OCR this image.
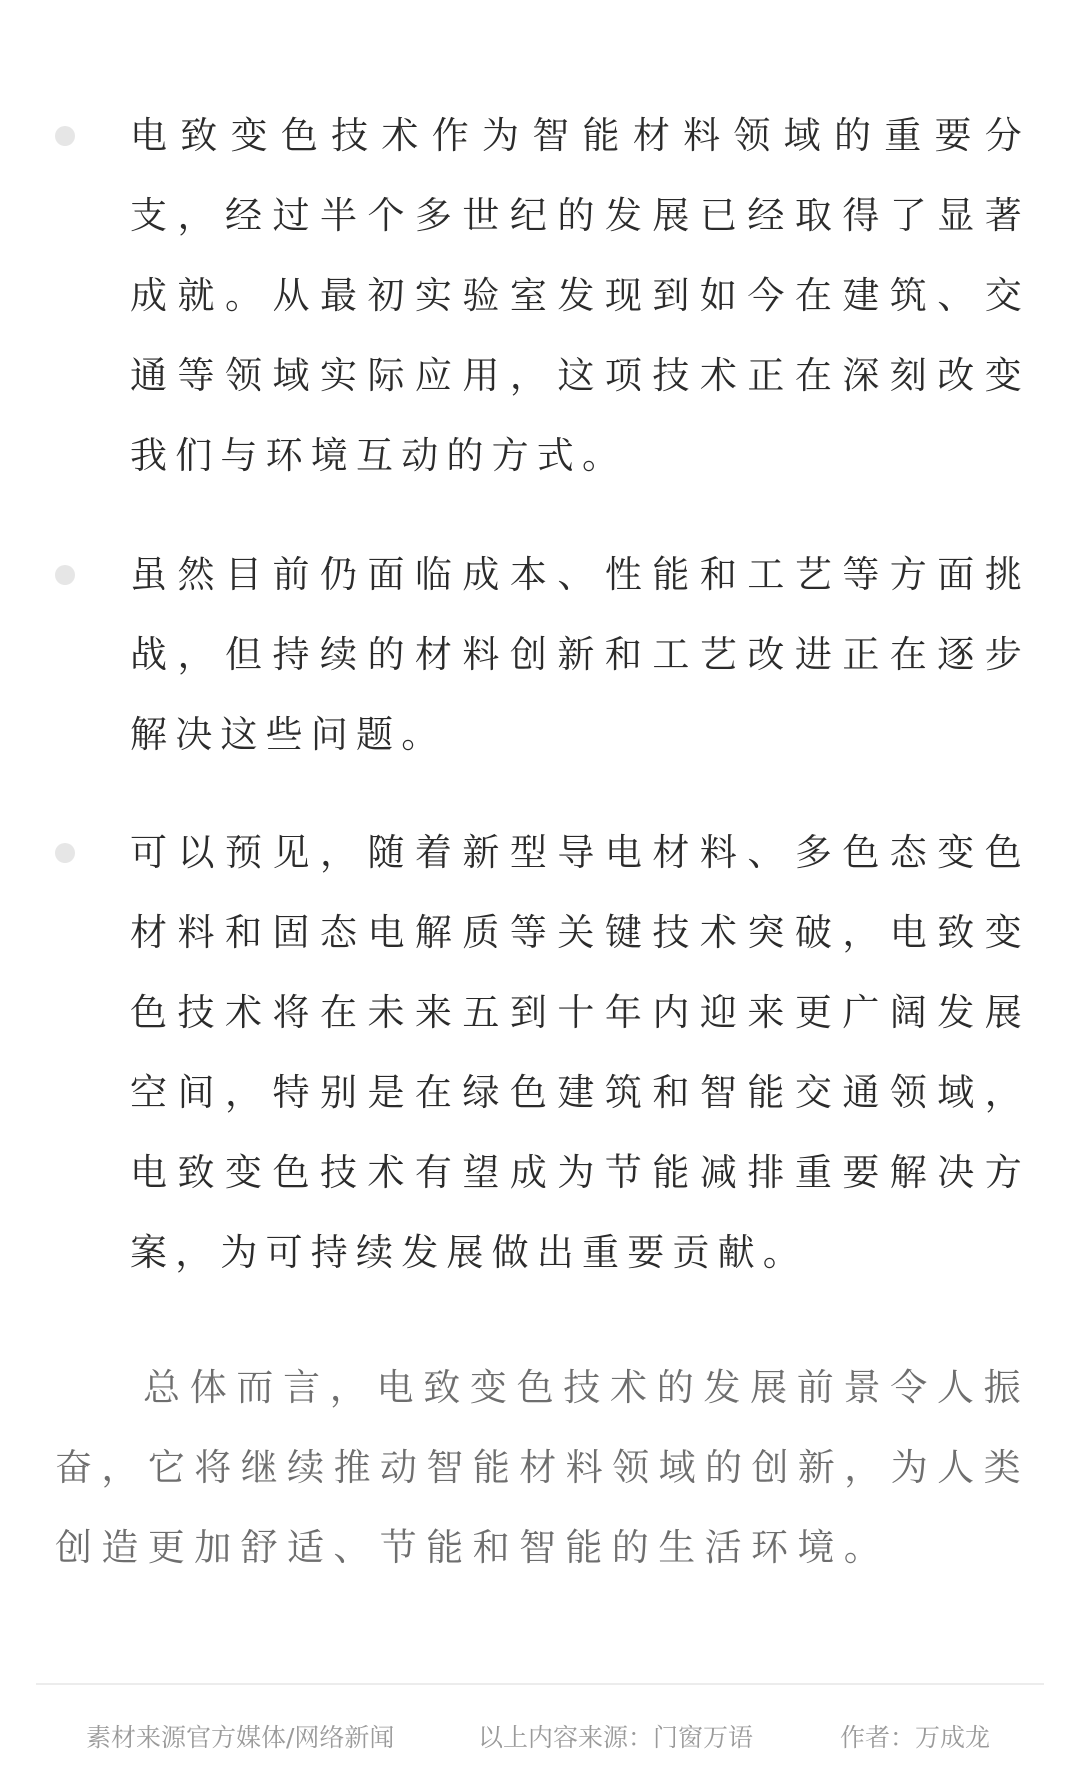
电致变色技术作为智能材料领域的重要分支，经过半个多世纪的发展已经取得了显著成就。从最初实验室发现到如今在建筑、交通等领域实际应用，这项技术正在深刻改变我们与环境互动的方式。

虽然目前仍面临成本、性能和工艺等方面挑战，但持续的材料创新和工艺改进正在逐步解决这些问题。

可以预见，随着新型导电材料、多色态变色材料和固态电解质等关键技术突破，电致变色技术将在未来五到十年内迎来更广阔发展空间，特别是在绿色建筑和智能交通领域，电致变色技术有望成为节能减排重要解决方案，为可持续发展做出重要贡献。

总体而言，电致变色技术的发展前景令人振奋，它将继续推动智能材料领域的创新，为人类创造更加舒适、节能和智能的生活环境。

素材来源官方媒体/网络新闻	以上内容来源：门窗万语	作者：万成龙
